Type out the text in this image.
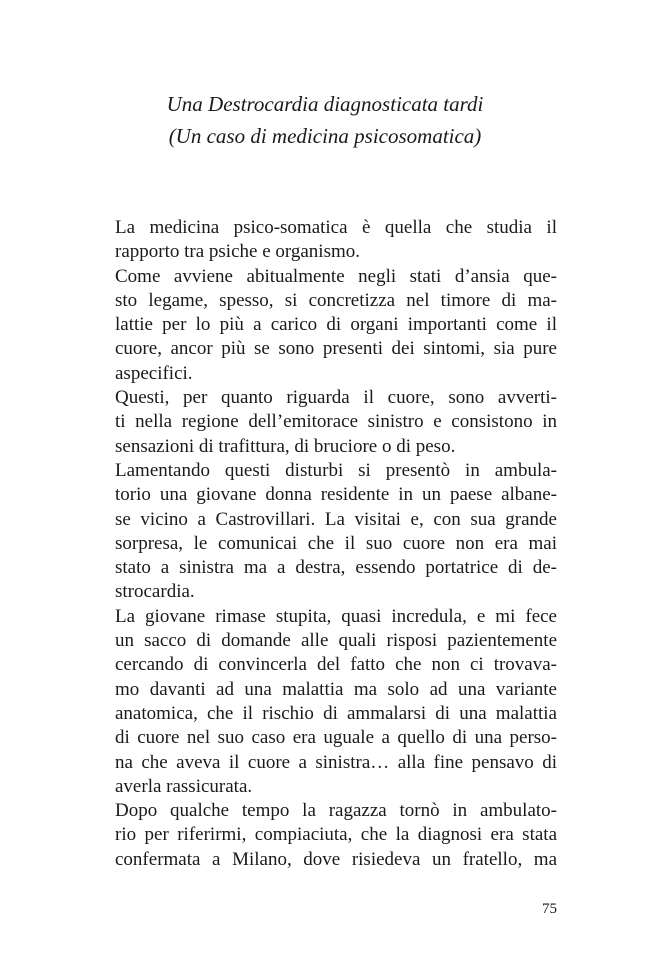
Una Destrocardia diagnosticata tardi
(Un caso di medicina psicosomatica)

La medicina psico-somatica è quella che studia il
rapporto tra psiche e organismo.

Come avviene abitualmente negli stati d’ansia que-
sto legame, spesso, si concretizza nel timore di ma-
lattie per lo più a carico di organi importanti come il
cuore, ancor più se sono presenti dei sintomi, sia pure
aspecifici.

Questi, per quanto riguarda il cuore, sono avverti-
ti nella regione dell’emitorace sinistro e consistono in
sensazioni di trafittura, di bruciore o di peso.

Lamentando questi disturbi si presentò in ambula-
torio una giovane donna residente in un paese albane-
se vicino a Castrovillari. La visitai e, con sua grande
sorpresa, le comunicai che il suo cuore non era mai
stato a sinistra ma a destra, essendo portatrice di de-
strocardia.

La giovane rimase stupita, quasi incredula, e mi fece
un sacco di domande alle quali risposi pazientemente
cercando di convincerla del fatto che non ci trovava-
mo davanti ad una malattia ma solo ad una variante
anatomica, che il rischio di ammalarsi di una malattia
di cuore nel suo caso era uguale a quello di una perso-
na che aveva il cuore a sinistra… alla fine pensavo di
averla rassicurata.

Dopo qualche tempo la ragazza tornò in ambulato-
rio per riferirmi, compiaciuta, che la diagnosi era stata
confermata a Milano, dove risiedeva un fratello, ma

75
